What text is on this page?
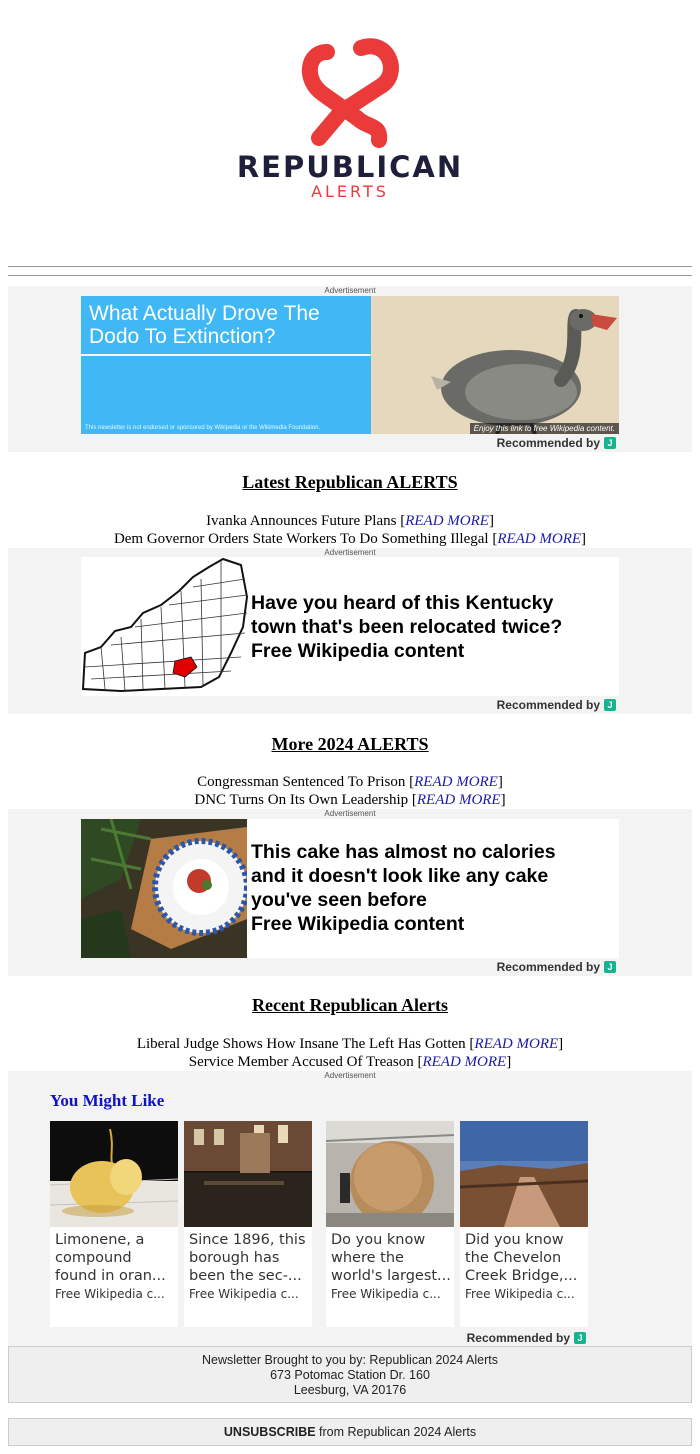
REPUBLICAN
ALERTS
Advertisement
What Actually Drove The Dodo To Extinction?
This newsletter is not endorsed or sponsored by Wikipedia or the Wikimedia Foundation.	Enjoy this link to free Wikipedia content.
Recommended by J
Latest Republican ALERTS
Ivanka Announces Future Plans [READ MORE]
Dem Governor Orders State Workers To Do Something Illegal [READ MORE]
Advertisement
Have you heard of this Kentucky
town that's been relocated twice?
Free Wikipedia content
Recommended by J
More 2024 ALERTS
Congressman Sentenced To Prison [READ MORE]
DNC Turns On Its Own Leadership [READ MORE]
Advertisement
This cake has almost no calories
and it doesn't look like any cake
you've seen before
Free Wikipedia content
Recommended by J
Recent Republican Alerts
Liberal Judge Shows How Insane The Left Has Gotten [READ MORE]
Service Member Accused Of Treason [READ MORE]
Advertisement
You Might Like
Limonene, a
compound
found in oran...
Free Wikipedia c...
Since 1896, this
borough has
been the sec-...
Free Wikipedia c...
Do you know
where the
world's largest...
Free Wikipedia c...
Did you know
the Chevelon
Creek Bridge,...
Free Wikipedia c...
Recommended by J
Newsletter Brought to you by: Republican 2024 Alerts
673 Potomac Station Dr. 160
Leesburg, VA 20176
UNSUBSCRIBE from Republican 2024 Alerts
